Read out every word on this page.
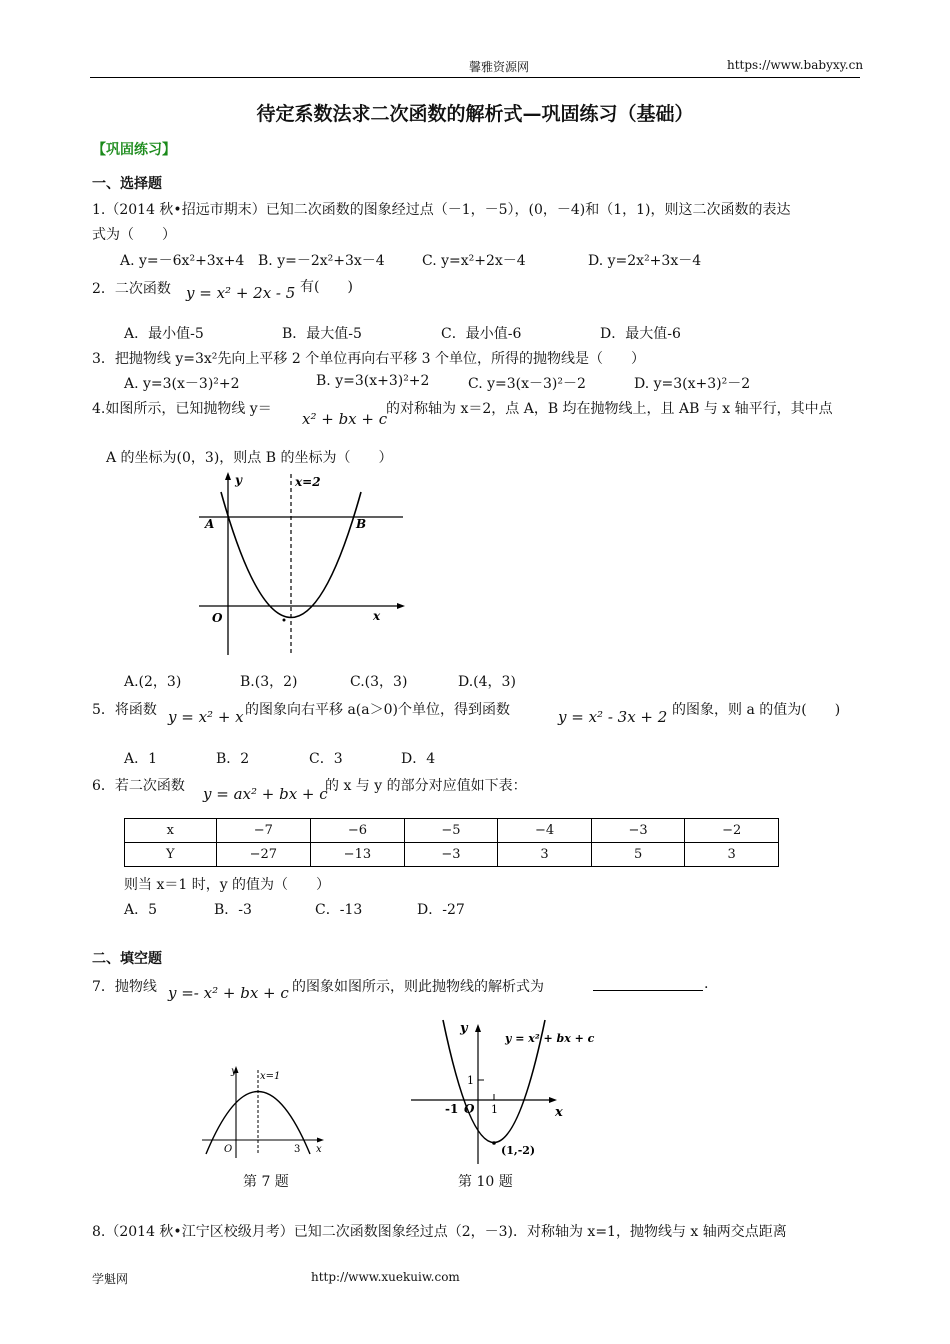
馨雅资源网	https://www.babyxy.cn
待定系数法求二次函数的解析式—巩固练习（基础）
【巩固练习】
一、选择题
1.（2014 秋•招远市期末）已知二次函数的图象经过点（－1，－5），(0，－4)和（1，1)，则这二次函数的表达
式为（　　）
A. y=－6x²+3x+4 B. y=－2x²+3x－4	C. y=x²+2x－4	D. y=2x²+3x－4
2．二次函数 y = x² + 2x - 5 有(　　)
A．最小值-5	B．最大值-5	C．最小值-6	D．最大值-6
3．把抛物线 y=3x²先向上平移 2 个单位再向右平移 3 个单位，所得的抛物线是（　　）
A. y=3(x－3)²+2	B. y=3(x+3)²+2	C. y=3(x－3)²－2	D. y=3(x+3)²－2
4.如图所示，已知抛物线 y＝
x² + bx + c
的对称轴为 x＝2，点 A，B 均在抛物线上，且 AB 与 x 轴平行，其中点
A 的坐标为(0，3)，则点 B 的坐标为（　　）
y	x=2
A	B
O	x
A.(2，3)	B.(3，2)	C.(3，3)	D.(4，3)
5．将函数 y = x² + x 的图象向右平移 a(a＞0)个单位，得到函数	y = x² - 3x + 2 的图象，则 a 的值为(　　)
A．1	B．2	C．3	D．4
6．若二次函数 y = ax² + bx + c
的 x 与 y 的部分对应值如下表：
x	−7	−6	−5	−4	−3	−2
Y	−27	−13	−3	3	5	3
则当 x＝1 时，y 的值为（　　）
A．5	B．-3	C．-13	D．-27
二、填空题
7．抛物线 y =- x² + bx + c 的图象如图所示，则此抛物线的解析式为	.
y x=1
O	3 x
第 7 题
y
y = x² + bx + c
1
-1 O 1	x
(1,-2)
第 10 题
8.（2014 秋•江宁区校级月考）已知二次函数图象经过点（2，－3)．对称轴为 x=1，抛物线与 x 轴两交点距离
学魁网	http://www.xuekuiw.com
